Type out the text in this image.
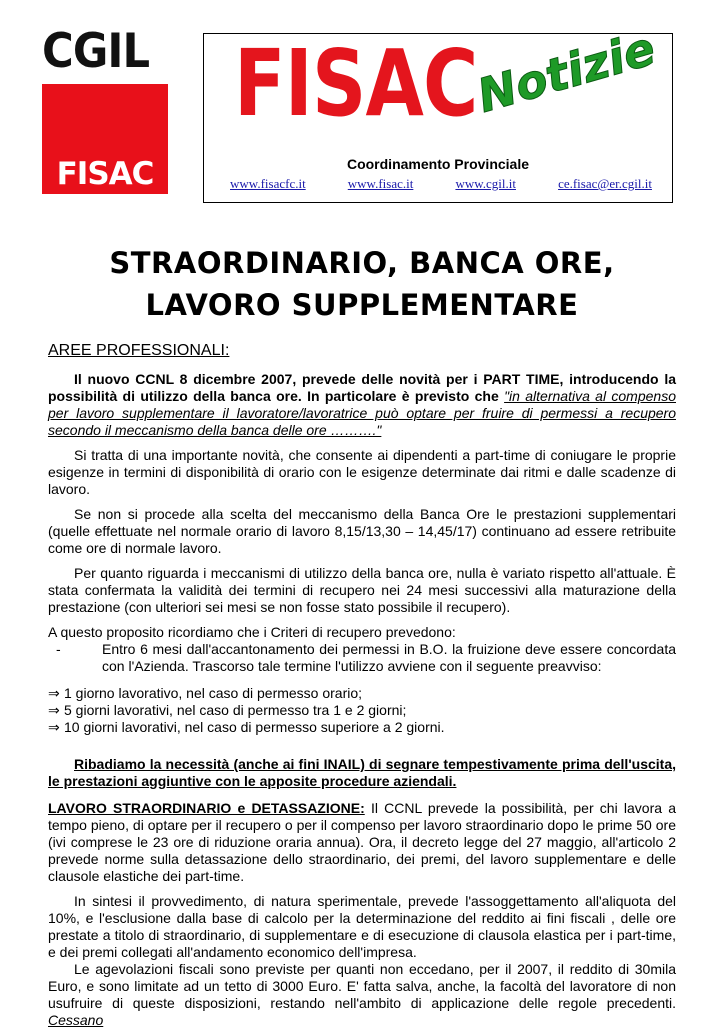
CGIL
FISAC
FISAC
Notizie
Coordinamento Provinciale
www.fisacfc.it	www.fisac.it	www.cgil.it	ce.fisac@er.cgil.it
STRAORDINARIO, BANCA ORE,
LAVORO SUPPLEMENTARE

AREE PROFESSIONALI:

Il nuovo CCNL 8 dicembre 2007, prevede delle novità per i PART TIME, introducendo la possibilità di utilizzo della banca ore. In particolare è previsto che "in alternativa al compenso per lavoro supplementare il lavoratore/lavoratrice può optare per fruire di permessi a recupero secondo il meccanismo della banca delle ore ………."

Si tratta di una importante novità, che consente ai dipendenti a part-time di coniugare le proprie esigenze in termini di disponibilità di orario con le esigenze determinate dai ritmi e dalle scadenze di lavoro.

Se non si procede alla scelta del meccanismo della Banca Ore le prestazioni supplementari (quelle effettuate nel normale orario di lavoro 8,15/13,30 – 14,45/17) continuano ad essere retribuite come ore di normale lavoro.

Per quanto riguarda i meccanismi di utilizzo della banca ore, nulla è variato rispetto all'attuale. È stata confermata la validità dei termini di recupero nei 24 mesi successivi alla maturazione della prestazione (con ulteriori sei mesi se non fosse stato possibile il recupero).

A questo proposito ricordiamo che i Criteri di recupero prevedono:

-	Entro 6 mesi dall'accantonamento dei permessi in B.O. la fruizione deve essere concordata con l'Azienda. Trascorso tale termine l'utilizzo avviene con il seguente preavviso:
⇒ 1 giorno lavorativo, nel caso di permesso orario;
⇒ 5 giorni lavorativi, nel caso di permesso tra 1 e 2 giorni;
⇒ 10 giorni lavorativi, nel caso di permesso superiore a 2 giorni.

Ribadiamo la necessità (anche ai fini INAIL) di segnare tempestivamente prima dell'uscita, le prestazioni aggiuntive con le apposite procedure aziendali.

LAVORO STRAORDINARIO e DETASSAZIONE: Il CCNL prevede la possibilità, per chi lavora a tempo pieno, di optare per il recupero o per il compenso per lavoro straordinario dopo le prime 50 ore (ivi comprese le 23 ore di riduzione oraria annua). Ora, il decreto legge del 27 maggio, all'articolo 2 prevede norme sulla detassazione dello straordinario, dei premi, del lavoro supplementare e delle clausole elastiche dei part-time.

In sintesi il provvedimento, di natura sperimentale, prevede l'assoggettamento all'aliquota del 10%, e l'esclusione dalla base di calcolo per la determinazione del reddito ai fini fiscali , delle ore prestate a titolo di straordinario, di supplementare e di esecuzione di clausola elastica per i part-time, e dei premi collegati all'andamento economico dell'impresa.

Le agevolazioni fiscali sono previste per quanti non eccedano, per il 2007, il reddito di 30mila Euro, e sono limitate ad un tetto di 3000 Euro. E' fatta salva, anche, la facoltà del lavoratore di non usufruire di queste disposizioni, restando nell'ambito di applicazione delle regole precedenti. Cessano
